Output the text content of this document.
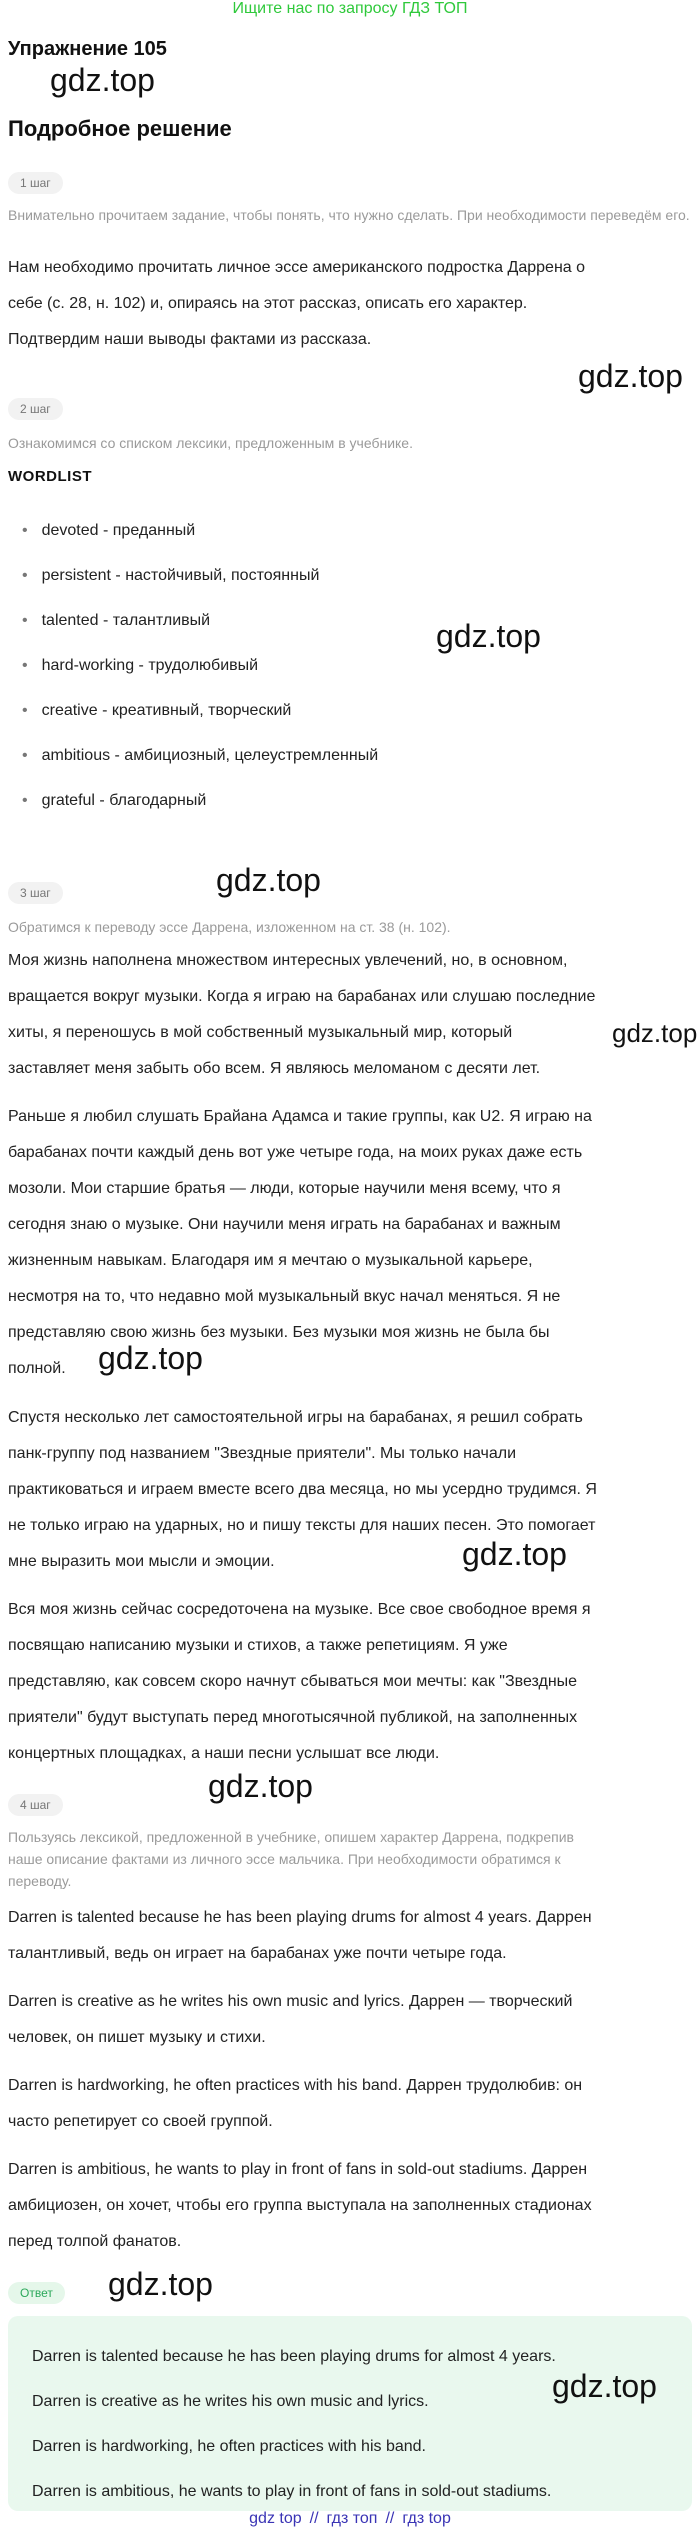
Ищите нас по запросу ГДЗ ТОП
Упражнение 105
gdz.top
Подробное решение
1 шаг
Внимательно прочитаем задание, чтобы понять, что нужно сделать. При необходимости переведём его.
Нам необходимо прочитать личное эссе американского подростка Даррена о
себе (с. 28, н. 102) и, опираясь на этот рассказ, описать его характер.
Подтвердим наши выводы фактами из рассказа.
gdz.top
2 шаг
Ознакомимся со списком лексики, предложенным в учебнике.
WORDLIST
• devoted - преданный
• persistent - настойчивый, постоянный
• talented - талантливый	gdz.top
• hard-working - трудолюбивый
• creative - креативный, творческий
• ambitious - амбициозный, целеустремленный
• grateful - благодарный
gdz.top
3 шаг
Обратимся к переводу эссе Даррена, изложенном на ст. 38 (н. 102).
Моя жизнь наполнена множеством интересных увлечений, но, в основном,
вращается вокруг музыки. Когда я играю на барабанах или слушаю последние
хиты, я переношусь в мой собственный музыкальный мир, который	gdz.top
заставляет меня забыть обо всем. Я являюсь меломаном с десяти лет.
Раньше я любил слушать Брайана Адамса и такие группы, как U2. Я играю на
барабанах почти каждый день вот уже четыре года, на моих руках даже есть
мозоли. Мои старшие братья — люди, которые научили меня всему, что я
сегодня знаю о музыке. Они научили меня играть на барабанах и важным
жизненным навыкам. Благодаря им я мечтаю о музыкальной карьере,
несмотря на то, что недавно мой музыкальный вкус начал меняться. Я не
представляю свою жизнь без музыки. Без музыки моя жизнь не была бы
полной. gdz.top
Спустя несколько лет самостоятельной игры на барабанах, я решил собрать
панк-группу под названием "Звездные приятели". Мы только начали
практиковаться и играем вместе всего два месяца, но мы усердно трудимся. Я
не только играю на ударных, но и пишу тексты для наших песен. Это помогает
мне выразить мои мысли и эмоции.	gdz.top
Вся моя жизнь сейчас сосредоточена на музыке. Все свое свободное время я
посвящаю написанию музыки и стихов, а также репетициям. Я уже
представляю, как совсем скоро начнут сбываться мои мечты: как "Звездные
приятели" будут выступать перед многотысячной публикой, на заполненных
концертных площадках, а наши песни услышат все люди.
4 шаг
gdz.top
Пользуясь лексикой, предложенной в учебнике, опишем характер Даррена, подкрепив
наше описание фактами из личного эссе мальчика. При необходимости обратимся к
переводу.
Darren is talented because he has been playing drums for almost 4 years. Даррен
талантливый, ведь он играет на барабанах уже почти четыре года.
Darren is creative as he writes his own music and lyrics. Даррен — творческий
человек, он пишет музыку и стихи.
Darren is hardworking, he often practices with his band. Даррен трудолюбив: он
часто репетирует со своей группой.
Darren is ambitious, he wants to play in front of fans in sold-out stadiums. Даррен
амбициозен, он хочет, чтобы его группа выступала на заполненных стадионах
перед толпой фанатов.
Ответ	gdz.top
Darren is talented because he has been playing drums for almost 4 years.
Darren is creative as he writes his own music and lyrics.	gdz.top
Darren is hardworking, he often practices with his band.
Darren is ambitious, he wants to play in front of fans in sold-out stadiums.
gdz top // гдз топ // гдз top
